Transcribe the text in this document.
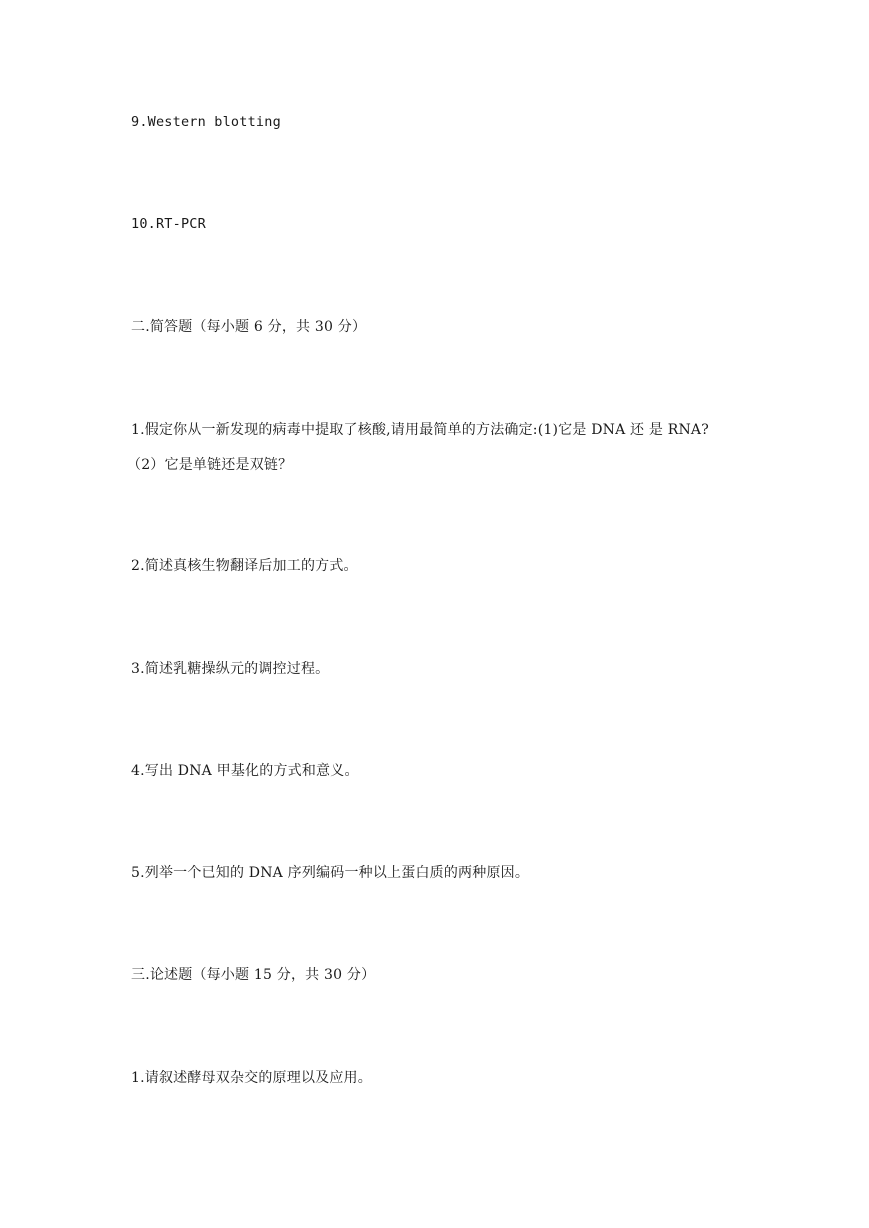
9.Western blotting
10.RT-PCR
二.简答题（每小题 6 分，共 30 分）
1.假定你从一新发现的病毒中提取了核酸,请用最简单的方法确定:(1)它是 DNA 还 是 RNA?
（2）它是单链还是双链？
2.简述真核生物翻译后加工的方式。
3.简述乳糖操纵元的调控过程。
4.写出 DNA 甲基化的方式和意义。
5.列举一个已知的 DNA 序列编码一种以上蛋白质的两种原因。
三.论述题（每小题 15 分，共 30 分）
1.请叙述酵母双杂交的原理以及应用。
